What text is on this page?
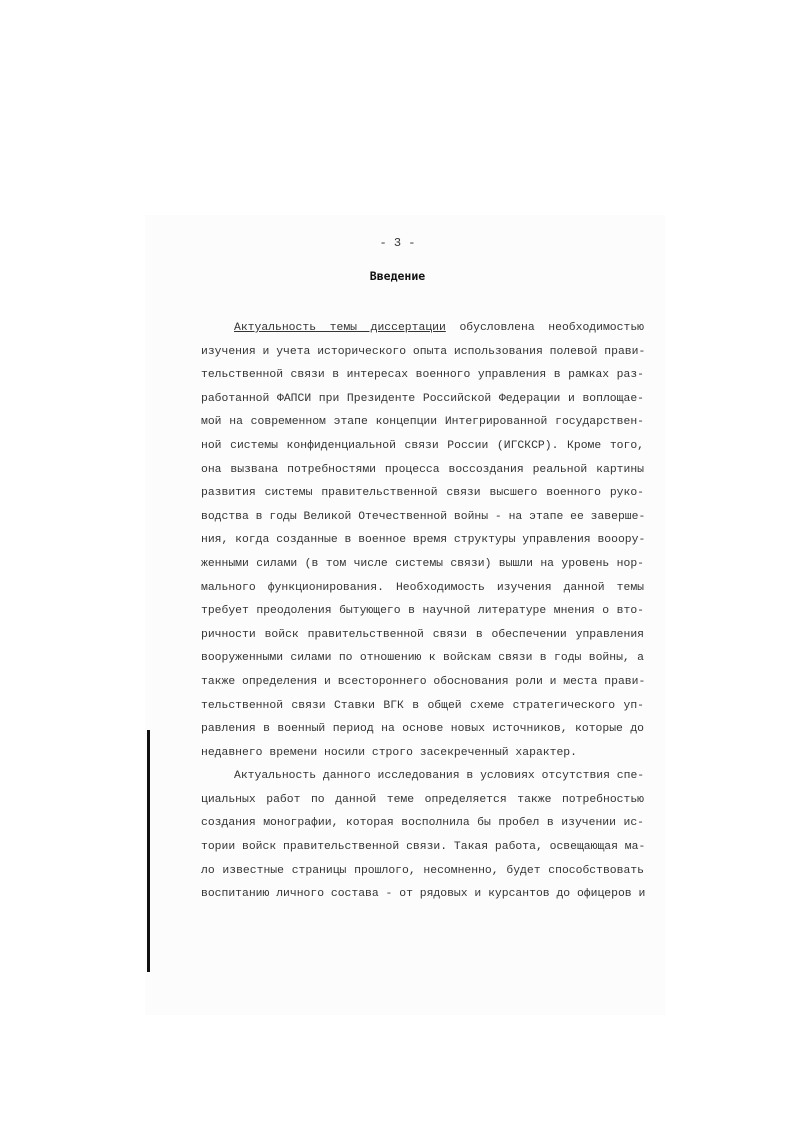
- 3 -
Введение
Актуальность темы диссертации обусловлена необходимостью
изучения и учета исторического опыта использования полевой прави-
тельственной связи в интересах военного управления в рамках раз-
работанной ФАПСИ при Президенте Российской Федерации и воплощае-
мой на современном этапе концепции Интегрированной государствен-
ной системы конфиденциальной связи России (ИГСКСР). Кроме того,
она вызвана потребностями процесса воссоздания реальной картины
развития системы правительственной связи высшего военного руко-
водства в годы Великой Отечественной войны - на этапе ее заверше-
ния, когда созданные в военное время структуры управления вооору-
женными силами (в том числе системы связи) вышли на уровень нор-
мального функционирования. Необходимость изучения данной темы
требует преодоления бытующего в научной литературе мнения о вто-
ричности войск правительственной связи в обеспечении управления
вооруженными силами по отношению к войскам связи в годы войны, а
также определения и всестороннего обоснования роли и места прави-
тельственной связи Ставки ВГК в общей схеме стратегического уп-
равления в военный период на основе новых источников, которые до
недавнего времени носили строго засекреченный характер.
Актуальность данного исследования в условиях отсутствия спе-
циальных работ по данной теме определяется также потребностью
создания монографии, которая восполнила бы пробел в изучении ис-
тории войск правительственной связи. Такая работа, освещающая ма-
ло известные страницы прошлого, несомненно, будет способствовать
воспитанию личного состава - от рядовых и курсантов до офицеров и
